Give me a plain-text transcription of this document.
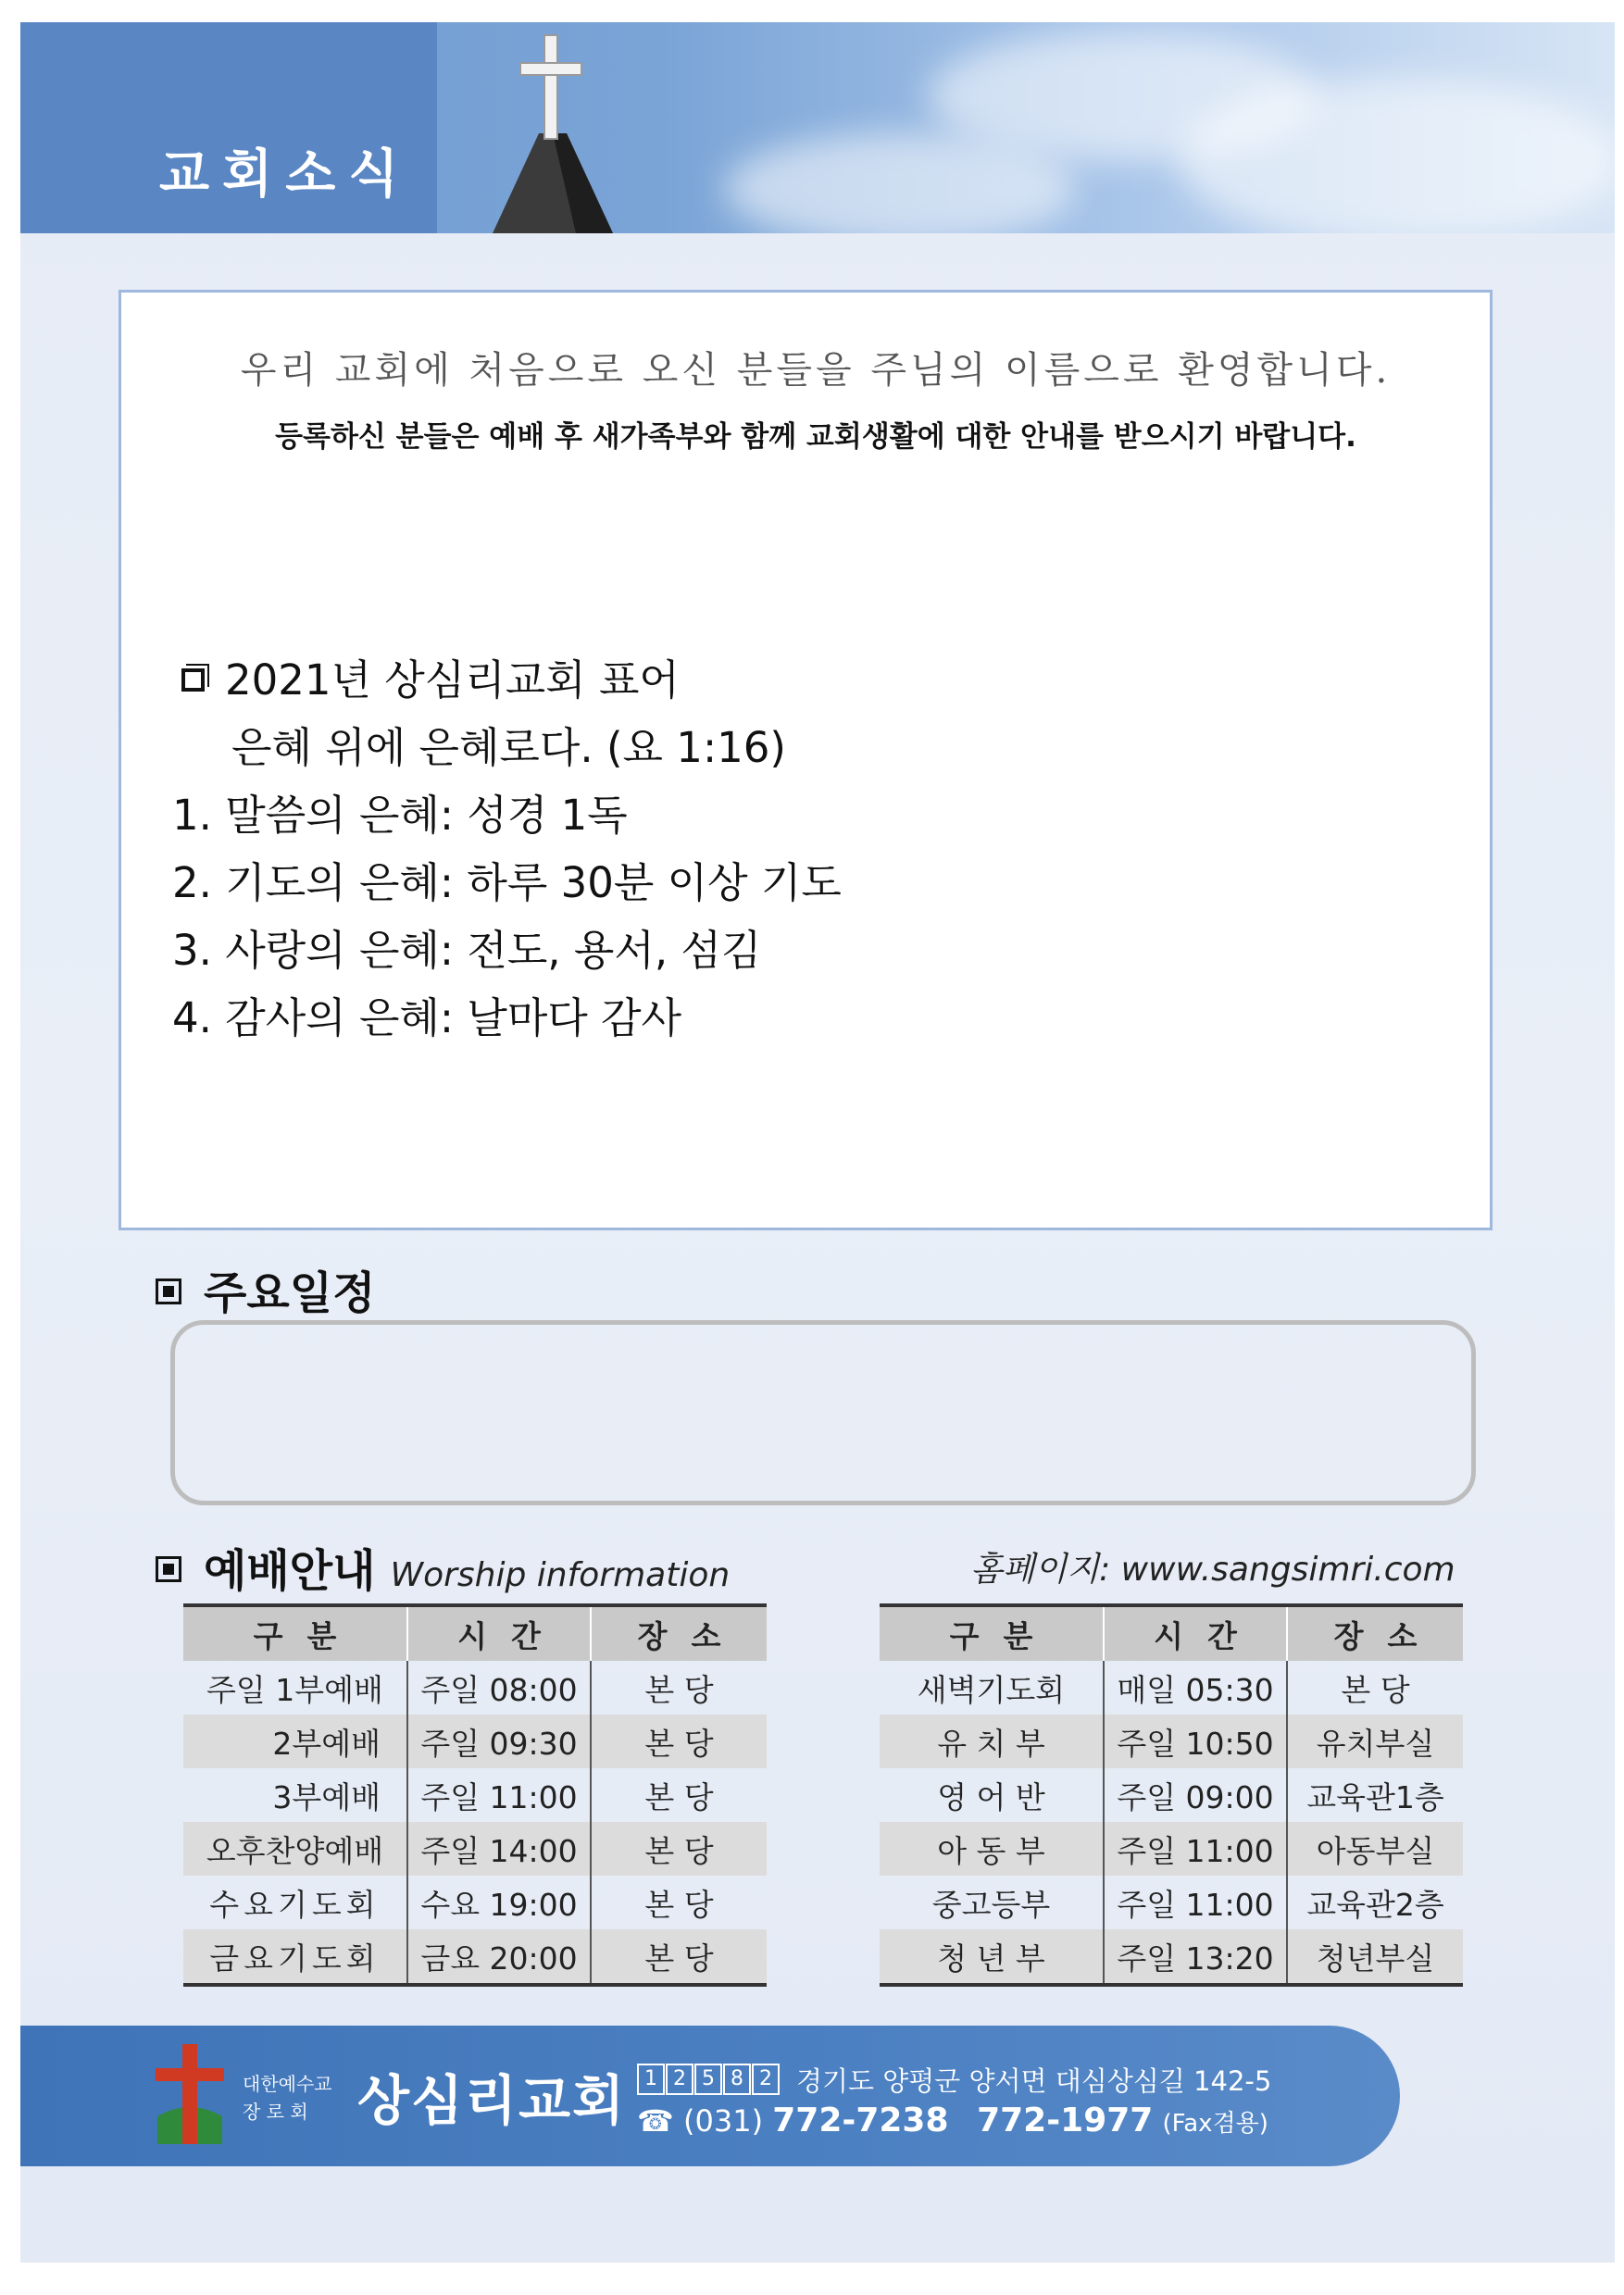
교회소식
우리 교회에 처음으로 오신 분들을 주님의 이름으로 환영합니다.
등록하신 분들은 예배 후 새가족부와 함께 교회생활에 대한 안내를 받으시기 바랍니다.
2021년 상심리교회 표어
은혜 위에 은혜로다. (요 1:16)
1. 말씀의 은혜: 성경 1독
2. 기도의 은혜: 하루 30분 이상 기도
3. 사랑의 은혜: 전도, 용서, 섬김
4. 감사의 은혜: 날마다 감사
주요일정
예배안내 Worship information	홈페이지: www.sangsimri.com
구분	시간	장소
주일 1부예배	주일 08:00	본 당
2부예배	주일 09:30	본 당
3부예배	주일 11:00	본 당
오후찬양예배	주일 14:00	본 당
수요기도회	수요 19:00	본 당
금요기도회	금요 20:00	본 당
구분	시간	장소
새벽기도회	매일 05:30	본 당
유 치 부	주일 10:50	유치부실
영 어 반	주일 09:00	교육관1층
아 동 부	주일 11:00	아동부실
중고등부	주일 11:00	교육관2층
청 년 부	주일 13:20	청년부실
대한예수교
장 로 회 상심리교회 1 2 5 8 2 경기도 양평군 양서면 대심상심길 142-5
☎ (031) 772-7238 772-1977 (Fax겸용)
